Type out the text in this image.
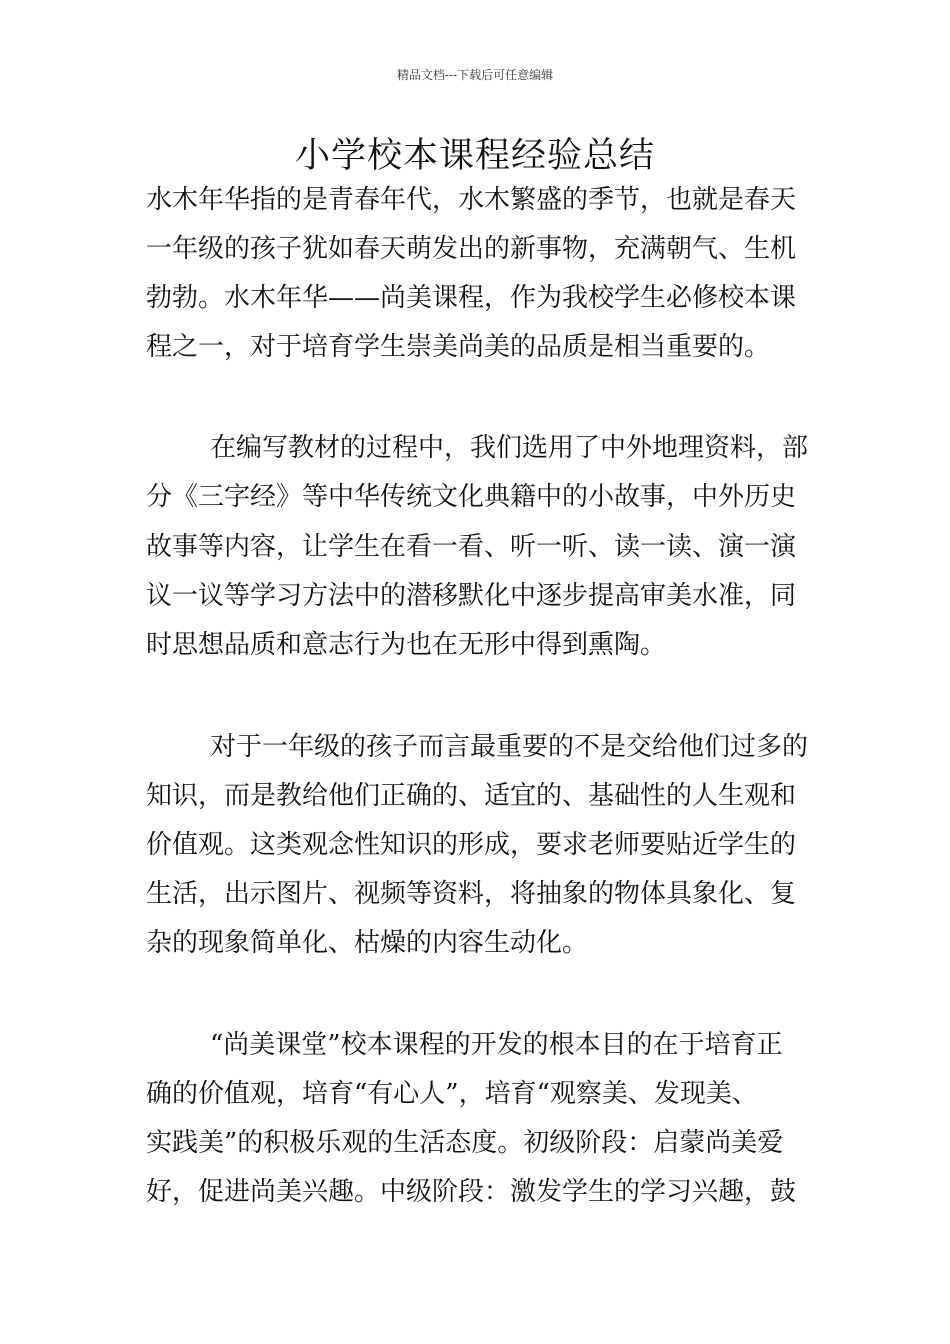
精品文档---下载后可任意编辑
小学校本课程经验总结

水木年华指的是青春年代，水木繁盛的季节，也就是春天

一年级的孩子犹如春天萌发出的新事物，充满朝气、生机

勃勃。水木年华——尚美课程，作为我校学生必修校本课

程之一，对于培育学生崇美尚美的品质是相当重要的。

在编写教材的过程中，我们选用了中外地理资料，部

分《三字经》等中华传统文化典籍中的小故事，中外历史

故事等内容，让学生在看一看、听一听、读一读、演一演

议一议等学习方法中的潜移默化中逐步提高审美水准，同

时思想品质和意志行为也在无形中得到熏陶。

对于一年级的孩子而言最重要的不是交给他们过多的

知识，而是教给他们正确的、适宜的、基础性的人生观和

价值观。这类观念性知识的形成，要求老师要贴近学生的

生活，出示图片、视频等资料，将抽象的物体具象化、复

杂的现象简单化、枯燥的内容生动化。

“尚美课堂”校本课程的开发的根本目的在于培育正

确的价值观，培育“有心人”，培育“观察美、发现美、

实践美”的积极乐观的生活态度。初级阶段：启蒙尚美爱

好，促进尚美兴趣。中级阶段：激发学生的学习兴趣，鼓
